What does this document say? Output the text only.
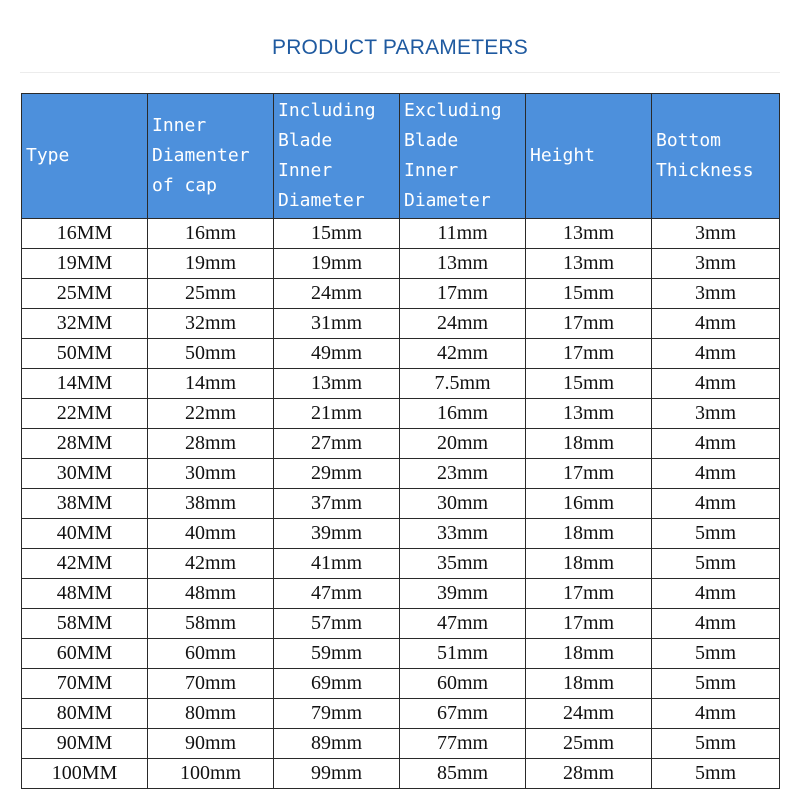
PRODUCT PARAMETERS
Type	Inner
Diamenter
of cap	Including
Blade
Inner
Diameter	Excluding
Blade
Inner
Diameter	Height	Bottom
Thickness
16MM	16mm	15mm	11mm	13mm	3mm
19MM	19mm	19mm	13mm	13mm	3mm
25MM	25mm	24mm	17mm	15mm	3mm
32MM	32mm	31mm	24mm	17mm	4mm
50MM	50mm	49mm	42mm	17mm	4mm
14MM	14mm	13mm	7.5mm	15mm	4mm
22MM	22mm	21mm	16mm	13mm	3mm
28MM	28mm	27mm	20mm	18mm	4mm
30MM	30mm	29mm	23mm	17mm	4mm
38MM	38mm	37mm	30mm	16mm	4mm
40MM	40mm	39mm	33mm	18mm	5mm
42MM	42mm	41mm	35mm	18mm	5mm
48MM	48mm	47mm	39mm	17mm	4mm
58MM	58mm	57mm	47mm	17mm	4mm
60MM	60mm	59mm	51mm	18mm	5mm
70MM	70mm	69mm	60mm	18mm	5mm
80MM	80mm	79mm	67mm	24mm	4mm
90MM	90mm	89mm	77mm	25mm	5mm
100MM	100mm	99mm	85mm	28mm	5mm
